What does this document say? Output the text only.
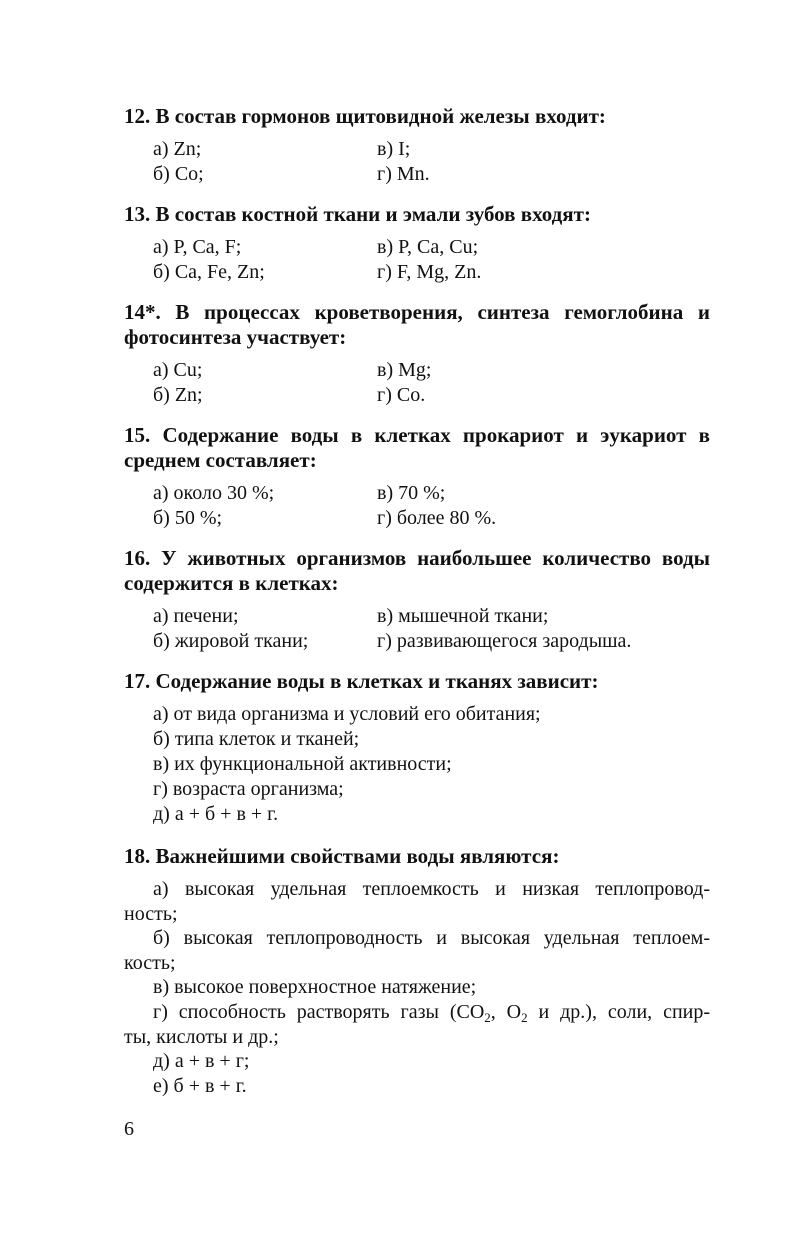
12. В состав гормонов щитовидной железы входит:

а) Zn;	в) I;
б) Co;	г) Mn.

13. В состав костной ткани и эмали зубов входят:

а) P, Ca, F;	в) P, Ca, Cu;
б) Ca, Fe, Zn;	г) F, Mg, Zn.

14*. В процессах кроветворения, синтеза гемоглобина и фотосинтеза участвует:

а) Cu;	в) Mg;
б) Zn;	г) Co.

15. Содержание воды в клетках прокариот и эукариот в среднем составляет:

а) около 30 %;	в) 70 %;
б) 50 %;	г) более 80 %.

16. У животных организмов наибольшее количество воды содержится в клетках:

а) печени;	в) мышечной ткани;
б) жировой ткани;	г) развивающегося зародыша.

17. Содержание воды в клетках и тканях зависит:

а) от вида организма и условий его обитания;
б) типа клеток и тканей;
в) их функциональной активности;
г) возраста организма;
д) а + б + в + г.

18. Важнейшими свойствами воды являются:

а) высокая удельная теплоемкость и низкая теплопровод-
ность;
б) высокая теплопроводность и высокая удельная теплоем-
кость;
в) высокое поверхностное натяжение;
г) способность растворять газы ($CO_2$, $O_2$ и др.), соли, спир-
ты, кислоты и др.;
д) а + в + г;
е) б + в + г.
6
